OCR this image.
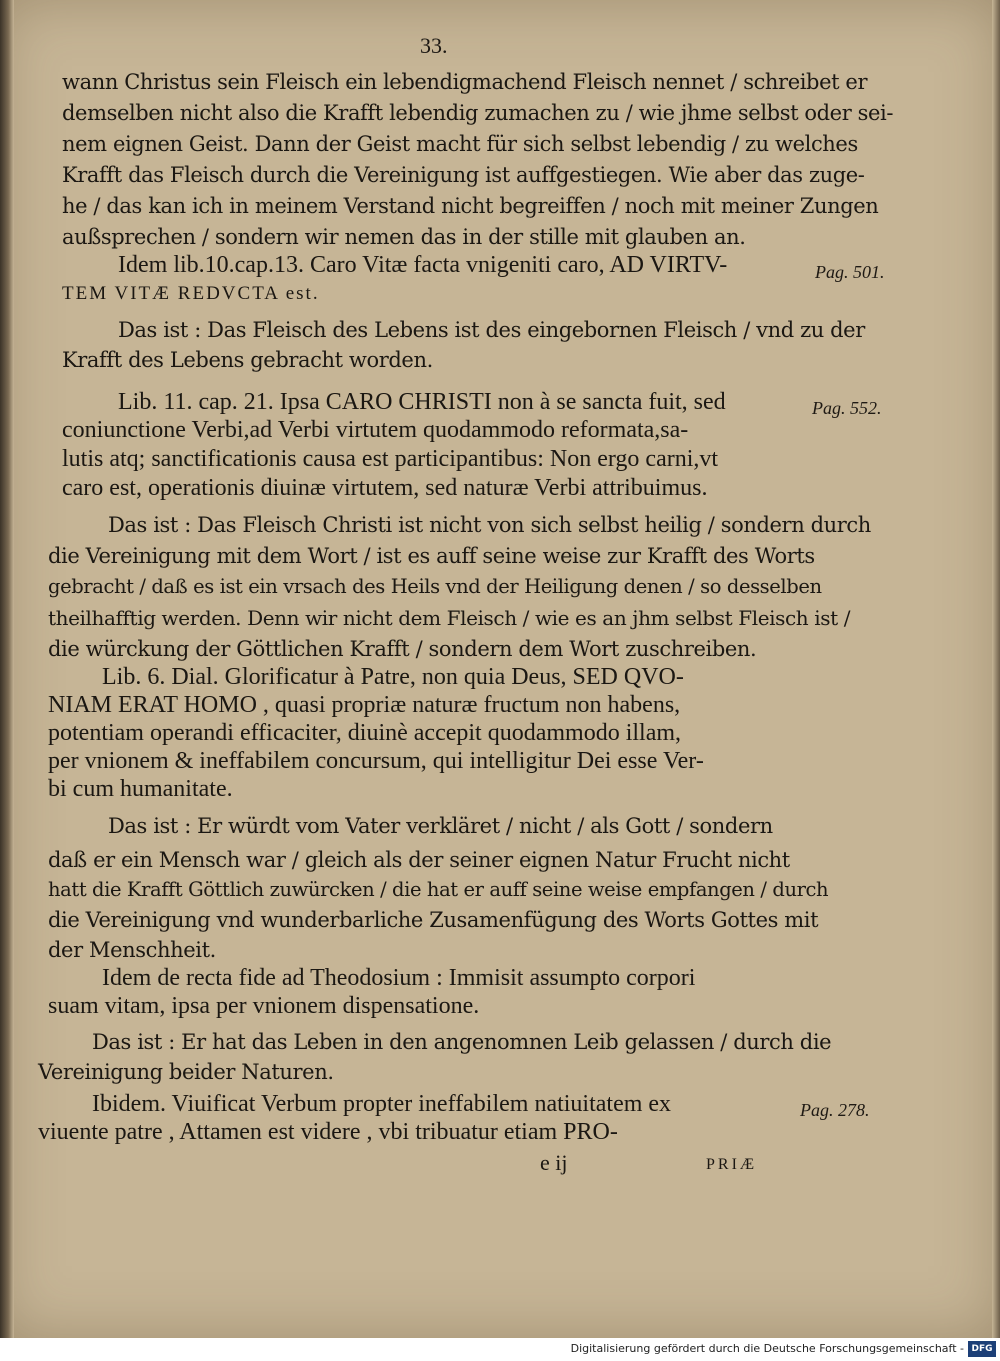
33.
wann Christus sein Fleisch ein lebendigmachend Fleisch nennet / schreibet er
demselben nicht also die Krafft lebendig zumachen zu / wie jhme selbst oder sei-
nem eignen Geist. Dann der Geist macht für sich selbst lebendig / zu welches
Krafft das Fleisch durch die Vereinigung ist auffgestiegen. Wie aber das zuge-
he / das kan ich in meinem Verstand nicht begreiffen / noch mit meiner Zungen
außsprechen / sondern wir nemen das in der stille mit glauben an.
Idem lib.10.cap.13. Caro Vitæ facta vnigeniti caro, AD VIRTV-	Pag. 501.
TEM VITÆ REDVCTA est.
Das ist : Das Fleisch des Lebens ist des eingebornen Fleisch / vnd zu der
Krafft des Lebens gebracht worden.
Lib. 11. cap. 21. Ipsa CARO CHRISTI non à se sancta fuit, sed	Pag. 552.
coniunctione Verbi,ad Verbi virtutem quodammodo reformata,sa-
lutis atq; sanctificationis causa est participantibus: Non ergo carni,vt
caro est, operationis diuinæ virtutem, sed naturæ Verbi attribuimus.
Das ist : Das Fleisch Christi ist nicht von sich selbst heilig / sondern durch
die Vereinigung mit dem Wort / ist es auff seine weise zur Krafft des Worts
gebracht / daß es ist ein vrsach des Heils vnd der Heiligung denen / so desselben
theilhafftig werden. Denn wir nicht dem Fleisch / wie es an jhm selbst Fleisch ist /
die würckung der Göttlichen Krafft / sondern dem Wort zuschreiben.
Lib. 6. Dial. Glorificatur à Patre, non quia Deus, SED QVO-
NIAM ERAT HOMO , quasi propriæ naturæ fructum non habens,
potentiam operandi efficaciter, diuinè accepit quodammodo illam,
per vnionem & ineffabilem concursum, qui intelligitur Dei esse Ver-
bi cum humanitate.
Das ist : Er würdt vom Vater verkläret / nicht / als Gott / sondern
daß er ein Mensch war / gleich als der seiner eignen Natur Frucht nicht
hatt die Krafft Göttlich zuwürcken / die hat er auff seine weise empfangen / durch
die Vereinigung vnd wunderbarliche Zusamenfügung des Worts Gottes mit
der Menschheit.
Idem de recta fide ad Theodosium : Immisit assumpto corpori
suam vitam, ipsa per vnionem dispensatione.
Das ist : Er hat das Leben in den angenomnen Leib gelassen / durch die
Vereinigung beider Naturen.
Ibidem. Viuificat Verbum propter ineffabilem natiuitatem ex	Pag. 278.
viuente patre , Attamen est videre , vbi tribuatur etiam PRO-
e ij	PRIÆ
Digitalisierung gefördert durch die Deutsche Forschungsgemeinschaft - DFG
